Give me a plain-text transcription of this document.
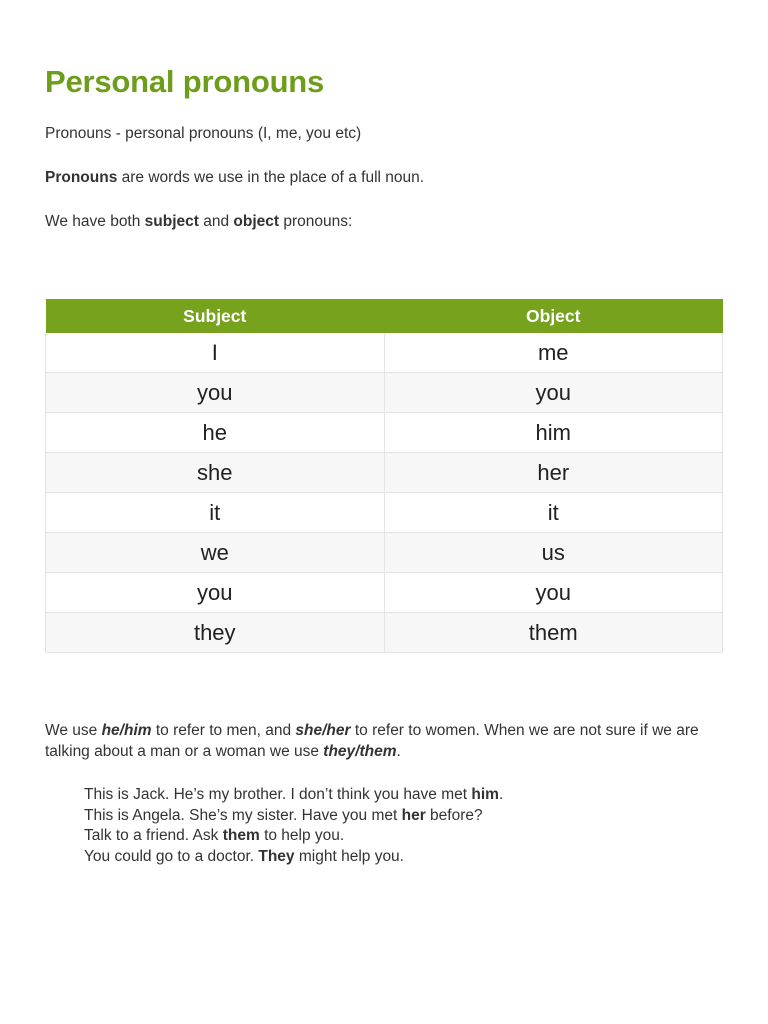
Personal pronouns

Pronouns - personal pronouns (I, me, you etc)

Pronouns are words we use in the place of a full noun.

We have both subject and object pronouns:

Subject	Object
I	me
you	you
he	him
she	her
it	it
we	us
you	you
they	them

We use he/him to refer to men, and she/her to refer to women. When we are not sure if we are talking about a man or a woman we use they/them.

This is Jack. He’s my brother. I don’t think you have met him.
This is Angela. She’s my sister. Have you met her before?
Talk to a friend. Ask them to help you.
You could go to a doctor. They might help you.
